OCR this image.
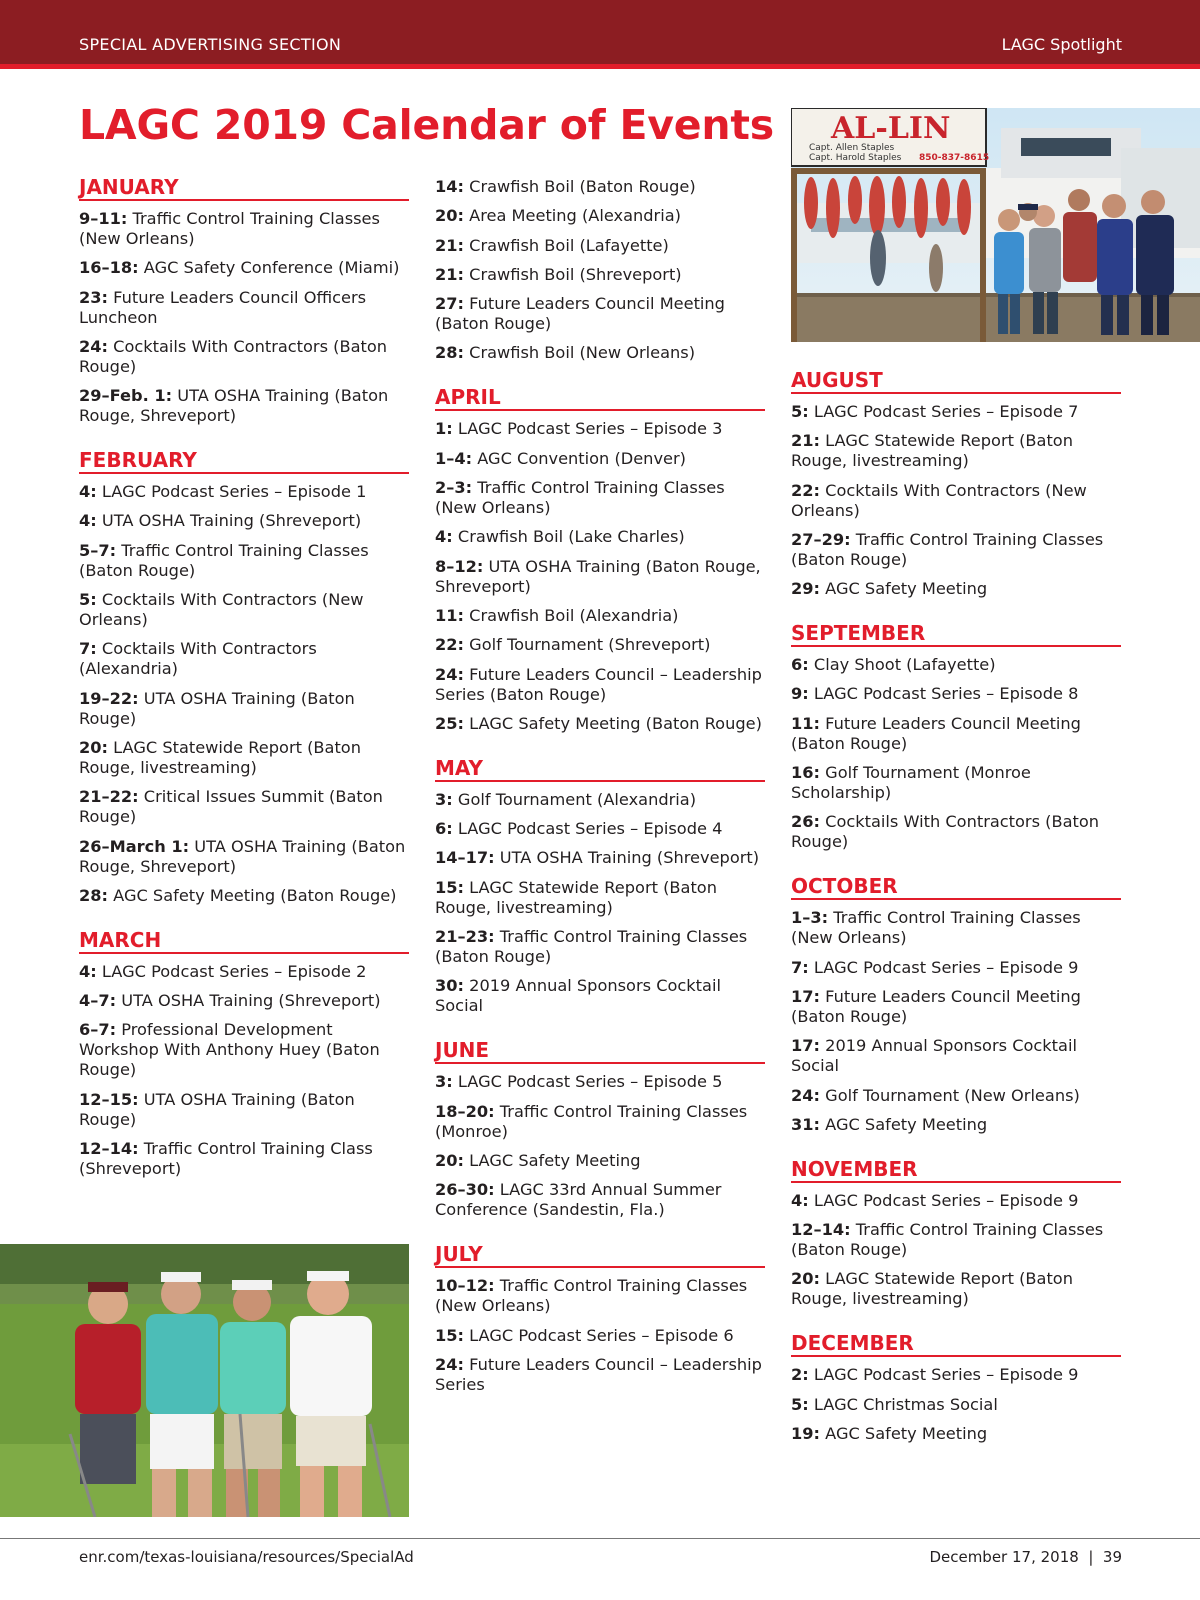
SPECIAL ADVERTISING SECTION	LAGC Spotlight
LAGC 2019 Calendar of Events AL-LIN
Capt. Allen Staples
Capt. Harold Staples 850-837-8615
JANUARY

9–11: Traffic Control Training Classes (New Orleans)

16–18: AGC Safety Conference (Miami)

23: Future Leaders Council Officers Luncheon

24: Cocktails With Contractors (Baton Rouge)

29–Feb. 1: UTA OSHA Training (Baton Rouge, Shreveport)

FEBRUARY

4: LAGC Podcast Series – Episode 1

4: UTA OSHA Training (Shreveport)

5–7: Traffic Control Training Classes (Baton Rouge)

5: Cocktails With Contractors (New Orleans)

7: Cocktails With Contractors (Alexandria)

19–22: UTA OSHA Training (Baton Rouge)

20: LAGC Statewide Report (Baton Rouge, livestreaming)

21–22: Critical Issues Summit (Baton Rouge)

26–March 1: UTA OSHA Training (Baton Rouge, Shreveport)

28: AGC Safety Meeting (Baton Rouge)

MARCH

4: LAGC Podcast Series – Episode 2

4–7: UTA OSHA Training (Shreveport)

6–7: Professional Development Workshop With Anthony Huey (Baton Rouge)

12–15: UTA OSHA Training (Baton Rouge)

12–14: Traffic Control Training Class (Shreveport)

14: Crawfish Boil (Baton Rouge)

20: Area Meeting (Alexandria)

21: Crawfish Boil (Lafayette)

21: Crawfish Boil (Shreveport)

27: Future Leaders Council Meeting (Baton Rouge)

28: Crawfish Boil (New Orleans)

APRIL

1: LAGC Podcast Series – Episode 3

1–4: AGC Convention (Denver)

2–3: Traffic Control Training Classes (New Orleans)

4: Crawfish Boil (Lake Charles)

8–12: UTA OSHA Training (Baton Rouge, Shreveport)

11: Crawfish Boil (Alexandria)

22: Golf Tournament (Shreveport)

24: Future Leaders Council – Leadership Series (Baton Rouge)

25: LAGC Safety Meeting (Baton Rouge)

MAY

3: Golf Tournament (Alexandria)

6: LAGC Podcast Series – Episode 4

14–17: UTA OSHA Training (Shreveport)

15: LAGC Statewide Report (Baton Rouge, livestreaming)

21–23: Traffic Control Training Classes (Baton Rouge)

30: 2019 Annual Sponsors Cocktail Social

JUNE

3: LAGC Podcast Series – Episode 5

18–20: Traffic Control Training Classes (Monroe)

20: LAGC Safety Meeting

26–30: LAGC 33rd Annual Summer Conference (Sandestin, Fla.)

JULY

10–12: Traffic Control Training Classes (New Orleans)

15: LAGC Podcast Series – Episode 6

24: Future Leaders Council – Leadership Series

AUGUST

5: LAGC Podcast Series – Episode 7

21: LAGC Statewide Report (Baton Rouge, livestreaming)

22: Cocktails With Contractors (New Orleans)

27–29: Traffic Control Training Classes (Baton Rouge)

29: AGC Safety Meeting

SEPTEMBER

6: Clay Shoot (Lafayette)

9: LAGC Podcast Series – Episode 8

11: Future Leaders Council Meeting (Baton Rouge)

16: Golf Tournament (Monroe Scholarship)

26: Cocktails With Contractors (Baton Rouge)

OCTOBER

1–3: Traffic Control Training Classes (New Orleans)

7: LAGC Podcast Series – Episode 9

17: Future Leaders Council Meeting (Baton Rouge)

17: 2019 Annual Sponsors Cocktail Social

24: Golf Tournament (New Orleans)

31: AGC Safety Meeting

NOVEMBER

4: LAGC Podcast Series – Episode 9

12–14: Traffic Control Training Classes (Baton Rouge)

20: LAGC Statewide Report (Baton Rouge, livestreaming)

DECEMBER

2: LAGC Podcast Series – Episode 9

5: LAGC Christmas Social

19: AGC Safety Meeting

enr.com/texas-louisiana/resources/SpecialAd	December 17, 2018  |  39
